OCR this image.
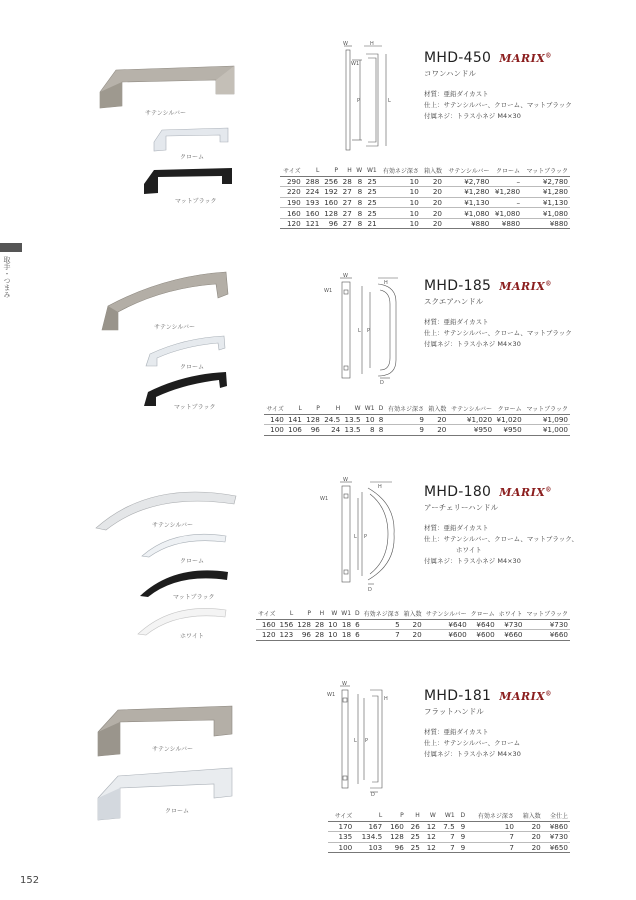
取手・つまみ
152
サテンシルバー
クローム
マットブラック
W	H
W1
P	L
MHD-450 MARIX®
コワンハンドル
材質：亜鉛ダイカスト
仕上：サテンシルバー、クローム、マットブラック
付属ネジ：トラス小ネジ M4×30
サイズ	L	P	H	W	W1	有効ネジ深さ	箱入数	サテンシルバー	クローム	マットブラック
290	288	256	28	8	25	10	20	¥2,780	–	¥2,780
220	224	192	27	8	25	10	20	¥1,280	¥1,280	¥1,280
190	193	160	27	8	25	10	20	¥1,130	–	¥1,130
160	160	128	27	8	25	10	20	¥1,080	¥1,080	¥1,080
120	121	96	27	8	21	10	20	¥880	¥880	¥880
サテンシルバー
クローム
マットブラック
W
W1
H
L P
D
MHD-185 MARIX®
スクエアハンドル
材質：亜鉛ダイカスト
仕上：サテンシルバー、クローム、マットブラック
付属ネジ：トラス小ネジ M4×30
サイズ	L	P	H	W	W1	D	有効ネジ深さ	箱入数	サテンシルバー	クローム	マットブラック
140	141	128	24.5	13.5	10	8	9	20	¥1,020	¥1,020	¥1,090
100	106	96	24	13.5	8	8	9	20	¥950	¥950	¥1,000
サテンシルバー
クローム
マットブラック
ホワイト
W
W1
H
L P
D
MHD-180 MARIX®
アーチェリーハンドル
材質：亜鉛ダイカスト
仕上：サテンシルバー、クローム、マットブラック、
ホワイト
付属ネジ：トラス小ネジ M4×30
サイズ	L	P	H	W	W1	D	有効ネジ深さ	箱入数	サテンシルバー	クローム	ホワイト	マットブラック
160	156	128	28	10	18	6	5	20	¥640	¥640	¥730	¥730
120	123	96	28	10	18	6	7	20	¥600	¥600	¥660	¥660
サテンシルバー
クローム
W
W1
H
L P
D
MHD-181 MARIX®
フラットハンドル
材質：亜鉛ダイカスト
仕上：サテンシルバー、クローム
付属ネジ：トラス小ネジ M4×30
サイズ	L	P	H	W	W1	D	有効ネジ深さ	箱入数	全仕上
170	167	160	26	12	7.5	9	10	20	¥860
135	134.5	128	25	12	7	9	7	20	¥730
100	103	96	25	12	7	9	7	20	¥650
